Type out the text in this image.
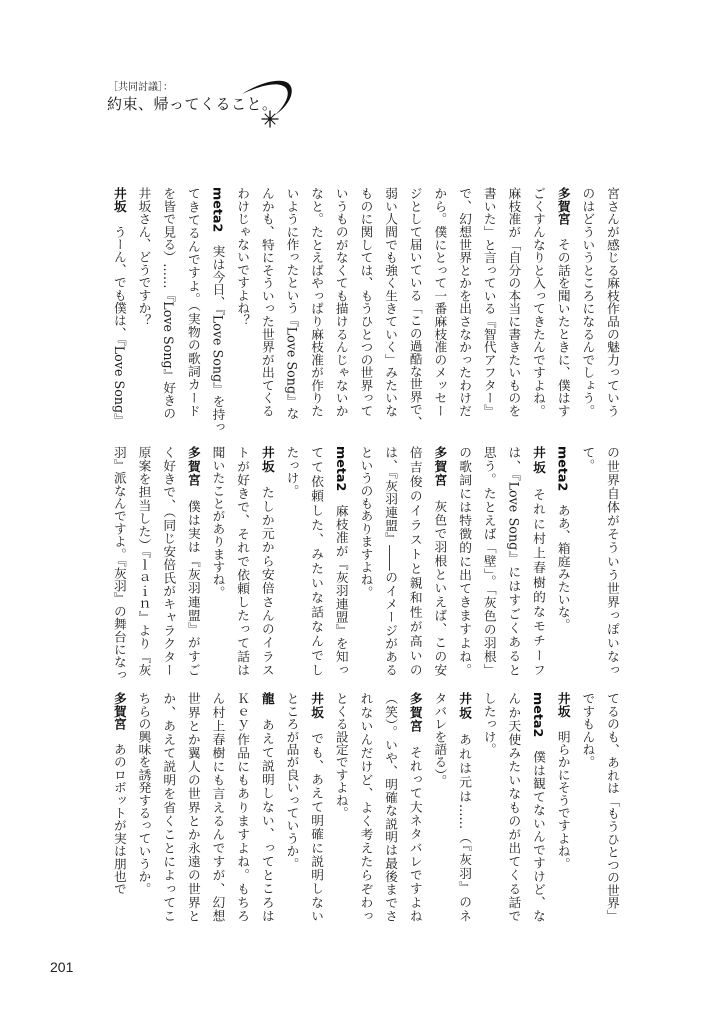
［共同討議］：
約束、帰ってくること。
宮さんが感じる麻枝作品の魅力っていう
のはどういうところになるんでしょう。
多賀宮その話を聞いたときに、僕はす
ごくすんなりと入ってきたんですよね。
麻枝准が「自分の本当に書きたいものを
書いた」と言っている『智代アフター』
で、幻想世界とかを出さなかったわけだ
から。僕にとって一番麻枝准のメッセー
ジとして届いている「この過酷な世界で、
弱い人間でも強く生きていく」みたいな
ものに関しては、もうひとつの世界って
いうものがなくても描けるんじゃないか
なと。たとえばやっぱり麻枝准が作りた
いように作ったという『Love Song』な
んかも、特にそういった世界が出てくる
わけじゃないですよね？
meta2実は今日、『Love Song』を持っ
てきてるんですよ。（実物の歌詞カード
を皆で見る）……『Love Song』好きの
井坂さん、どうですか？
井坂うーん、でも僕は、『Love Song』
の世界自体がそういう世界っぽいなっ
て。
meta2ああ、箱庭みたいな。
井坂それに村上春樹的なモチーフ
は、『Love Song』にはすごくあると
思う。たとえば「壁」。「灰色の羽根」
の歌詞には特徴的に出てきますよね。
多賀宮灰色で羽根といえば、この安
倍吉俊のイラストと親和性が高いの
は、『灰羽連盟』――のイメージがある
というのもありますよね。
meta2麻枝准が『灰羽連盟』を知っ
てて依頼した、みたいな話なんでし
たっけ。
井坂たしか元から安倍さんのイラス
トが好きで、それで依頼したって話は
聞いたことがありますね。
多賀宮僕は実は『灰羽連盟』がすご
く好きで、（同じ安倍氏がキャラクター
原案を担当した）『ｌａｉｎ』より『灰
羽』派なんですよ。『灰羽』の舞台になっ
てるのも、あれは「もうひとつの世界」
ですもんね。
井坂明らかにそうですよね。
meta2僕は観てないんですけど、な
んか天使みたいなものが出てくる話で
したっけ。
井坂あれは元は……（『灰羽』のネ
タバレを語る）。
多賀宮それって大ネタバレですよね
（笑）。いや、明確な説明は最後までさ
れないんだけど、よく考えたらぞわっ
とくる設定ですよね。
井坂でも、あえて明確に説明しない
ところが品が良いっていうか。
龍あえて説明しない、ってところは
Ｋｅｙ作品にもありますよね。もちろ
ん村上春樹にも言えるんですが、幻想
世界とか翼人の世界とか永遠の世界と
か、あえて説明を省くことによってこ
ちらの興味を誘発するっていうか。
多賀宮あのロボットが実は朋也で
201
